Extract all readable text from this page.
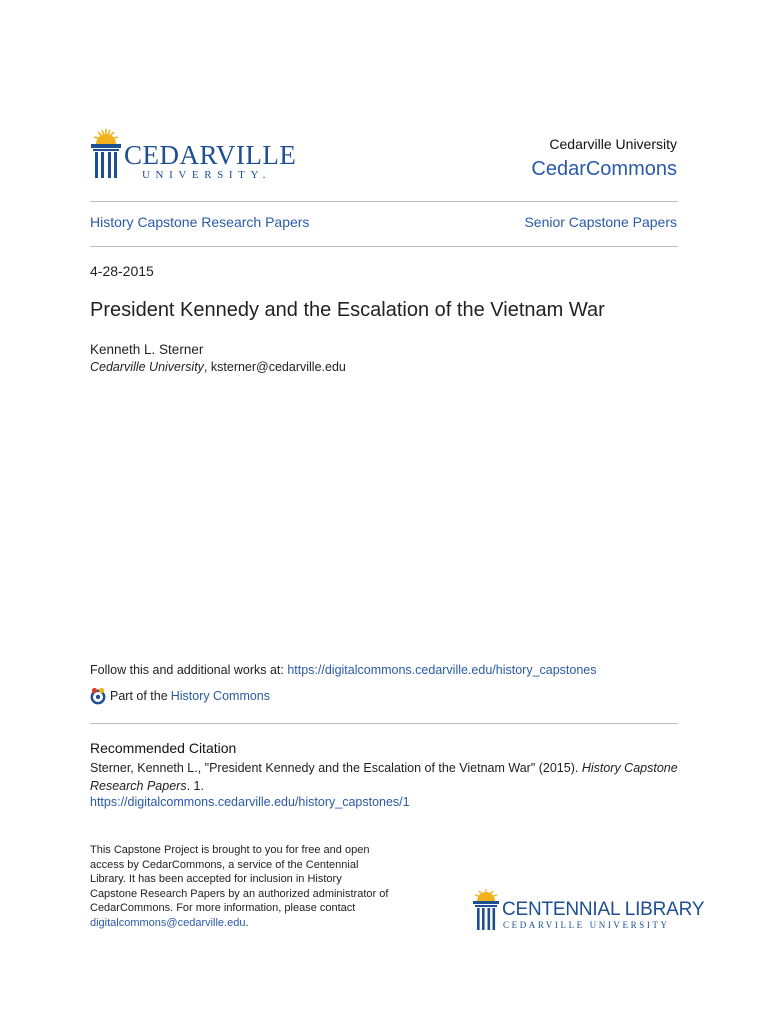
CEDARVILLE
UNIVERSITY.
Cedarville University
CedarCommons
History Capstone Research Papers	Senior Capstone Papers
4-28-2015
President Kennedy and the Escalation of the Vietnam War
Kenneth L. Sterner
Cedarville University, ksterner@cedarville.edu
Follow this and additional works at: https://digitalcommons.cedarville.edu/history_capstones
Part of the History Commons
Recommended Citation
Sterner, Kenneth L., "President Kennedy and the Escalation of the Vietnam War" (2015). History Capstone Research Papers. 1.
https://digitalcommons.cedarville.edu/history_capstones/1
This Capstone Project is brought to you for free and open access by CedarCommons, a service of the Centennial Library. It has been accepted for inclusion in History Capstone Research Papers by an authorized administrator of CedarCommons. For more information, please contact digitalcommons@cedarville.edu.
CENTENNIAL LIBRARY
CEDARVILLE UNIVERSITY
